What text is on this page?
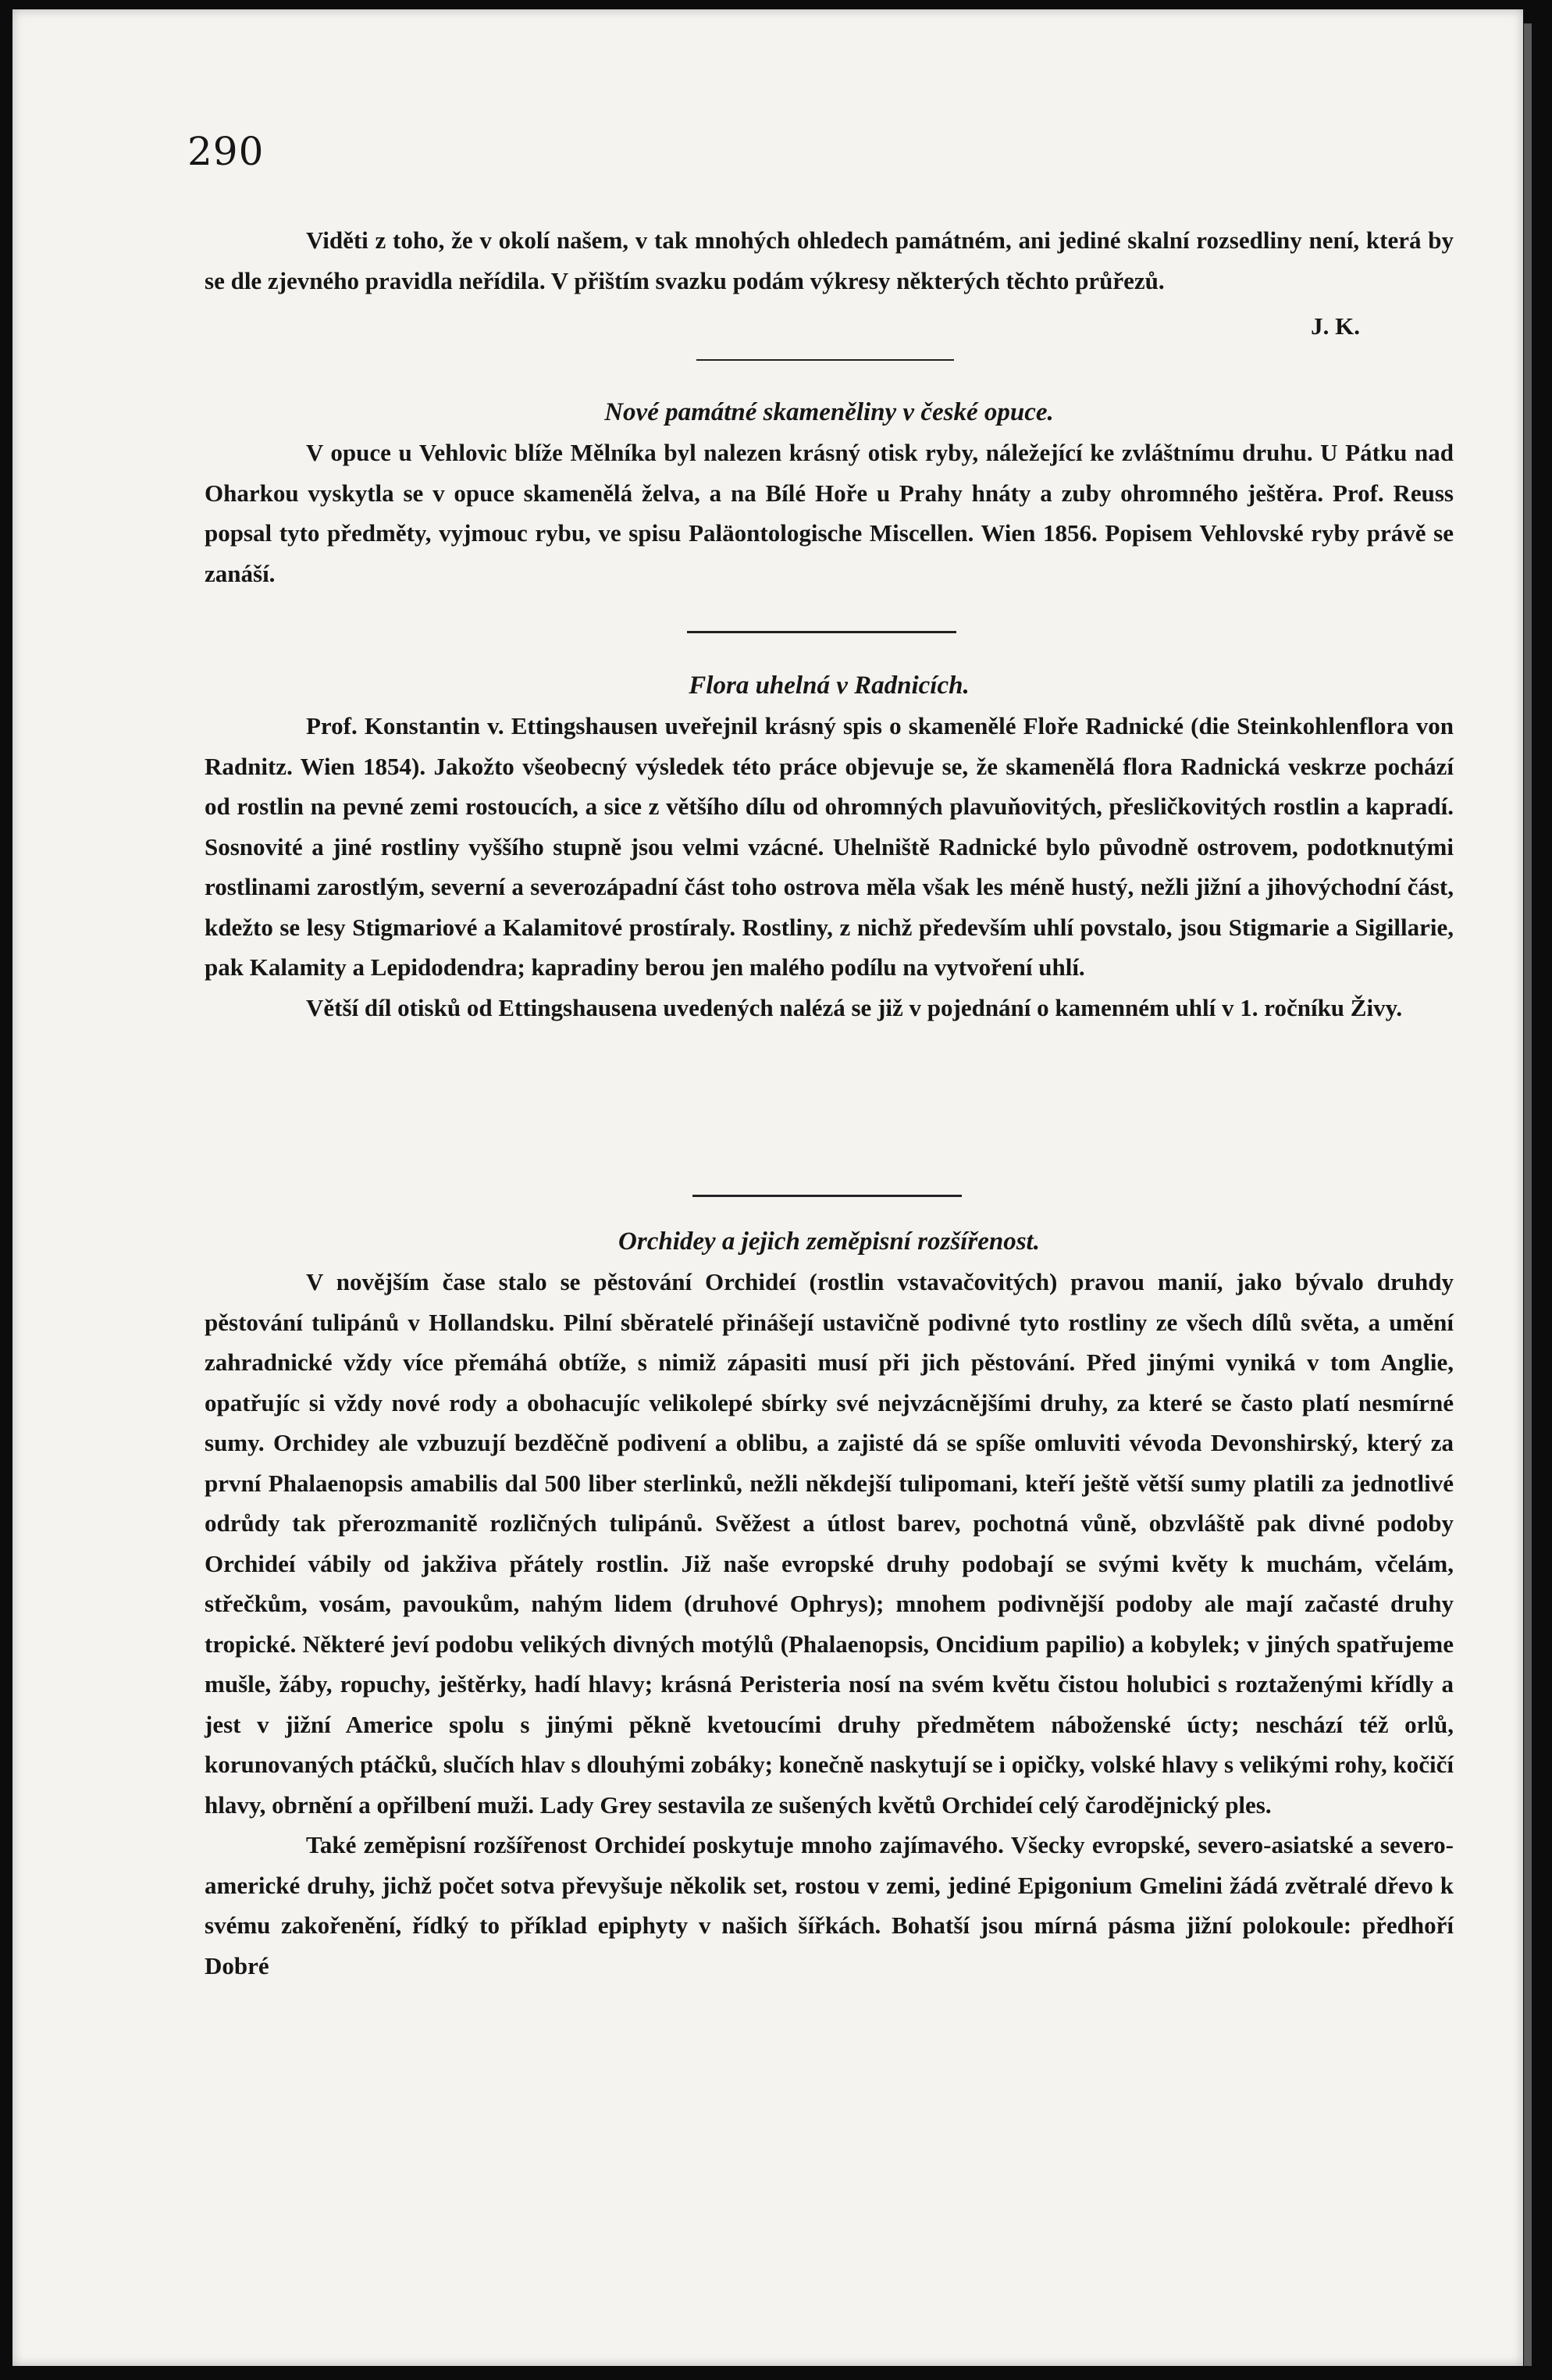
290

Viděti z toho, že v okolí našem, v tak mnohých ohledech památném, ani jediné skalní rozsedliny není, která by se dle zjevného pravidla neřídila. V přištím svazku podám výkresy některých těchto průřezů.

J. K.
Nové památné skameněliny v české opuce.

V opuce u Vehlovic blíže Mělníka byl nalezen krásný otisk ryby, náležející ke zvláštnímu druhu. U Pátku nad Oharkou vyskytla se v opuce skamenělá želva, a na Bílé Hoře u Prahy hnáty a zuby ohromného ještěra. Prof. Reuss popsal tyto předměty, vyjmouc rybu, ve spisu Paläontologische Miscellen. Wien 1856. Popisem Vehlovské ryby právě se zanáší.

Flora uhelná v Radnicích.

Prof. Konstantin v. Ettingshausen uveřejnil krásný spis o skamenělé Floře Radnické (die Steinkohlenflora von Radnitz. Wien 1854). Jakožto všeobecný výsledek této práce objevuje se, že skamenělá flora Radnická veskrze pochází od rostlin na pevné zemi rostoucích, a sice z většího dílu od ohromných plavuňovitých, přesličkovitých rostlin a kapradí. Sosnovité a jiné rostliny vyššího stupně jsou velmi vzácné. Uhelniště Radnické bylo původně ostrovem, podotknutými rostlinami zarostlým, severní a severozápadní část toho ostrova měla však les méně hustý, nežli jižní a jihovýchodní část, kdežto se lesy Stigmariové a Kalamitové prostíraly. Rostliny, z nichž především uhlí povstalo, jsou Stigmarie a Sigillarie, pak Kalamity a Lepidodendra; kapradiny berou jen malého podílu na vytvoření uhlí.

Větší díl otisků od Ettingshausena uvedených nalézá se již v pojednání o kamenném uhlí v 1. ročníku Živy.

Orchidey a jejich zeměpisní rozšířenost.

V novějším čase stalo se pěstování Orchideí (rostlin vstavačovitých) pravou manií, jako bývalo druhdy pěstování tulipánů v Hollandsku. Pilní sběratelé přinášejí ustavičně podivné tyto rostliny ze všech dílů světa, a umění zahradnické vždy více přemáhá obtíže, s nimiž zápasiti musí při jich pěstování. Před jinými vyniká v tom Anglie, opatřujíc si vždy nové rody a obohacujíc velikolepé sbírky své nejvzácnějšími druhy, za které se často platí nesmírné sumy. Orchidey ale vzbuzují bezděčně podivení a oblibu, a zajisté dá se spíše omluviti vévoda Devonshirský, který za první Phalaenopsis amabilis dal 500 liber sterlinků, nežli někdejší tulipomani, kteří ještě větší sumy platili za jednotlivé odrůdy tak přerozmanitě rozličných tulipánů. Svěžest a útlost barev, pochotná vůně, obzvláště pak divné podoby Orchideí vábily od jakživa přátely rostlin. Již naše evropské druhy podobají se svými květy k muchám, včelám, střečkům, vosám, pavoukům, nahým lidem (druhové Ophrys); mnohem podivnější podoby ale mají začasté druhy tropické. Některé jeví podobu velikých divných motýlů (Phalaenopsis, Oncidium papilio) a kobylek; v jiných spatřujeme mušle, žáby, ropuchy, ještěrky, hadí hlavy; krásná Peristeria nosí na svém květu čistou holubici s roztaženými křídly a jest v jižní Americe spolu s jinými pěkně kvetoucími druhy předmětem náboženské úcty; neschází též orlů, korunovaných ptáčků, slučích hlav s dlouhými zobáky; konečně naskytují se i opičky, volské hlavy s velikými rohy, kočičí hlavy, obrnění a opřilbení muži. Lady Grey sestavila ze sušených květů Orchideí celý čarodějnický ples.

Také zeměpisní rozšířenost Orchideí poskytuje mnoho zajímavého. Všecky evropské, severo-asiatské a severo-americké druhy, jichž počet sotva převyšuje několik set, rostou v zemi, jediné Epigonium Gmelini žádá zvětralé dřevo k svému zakořenění, řídký to příklad epiphyty v našich šířkách. Bohatší jsou mírná pásma jižní polokoule: předhoří Dobré
